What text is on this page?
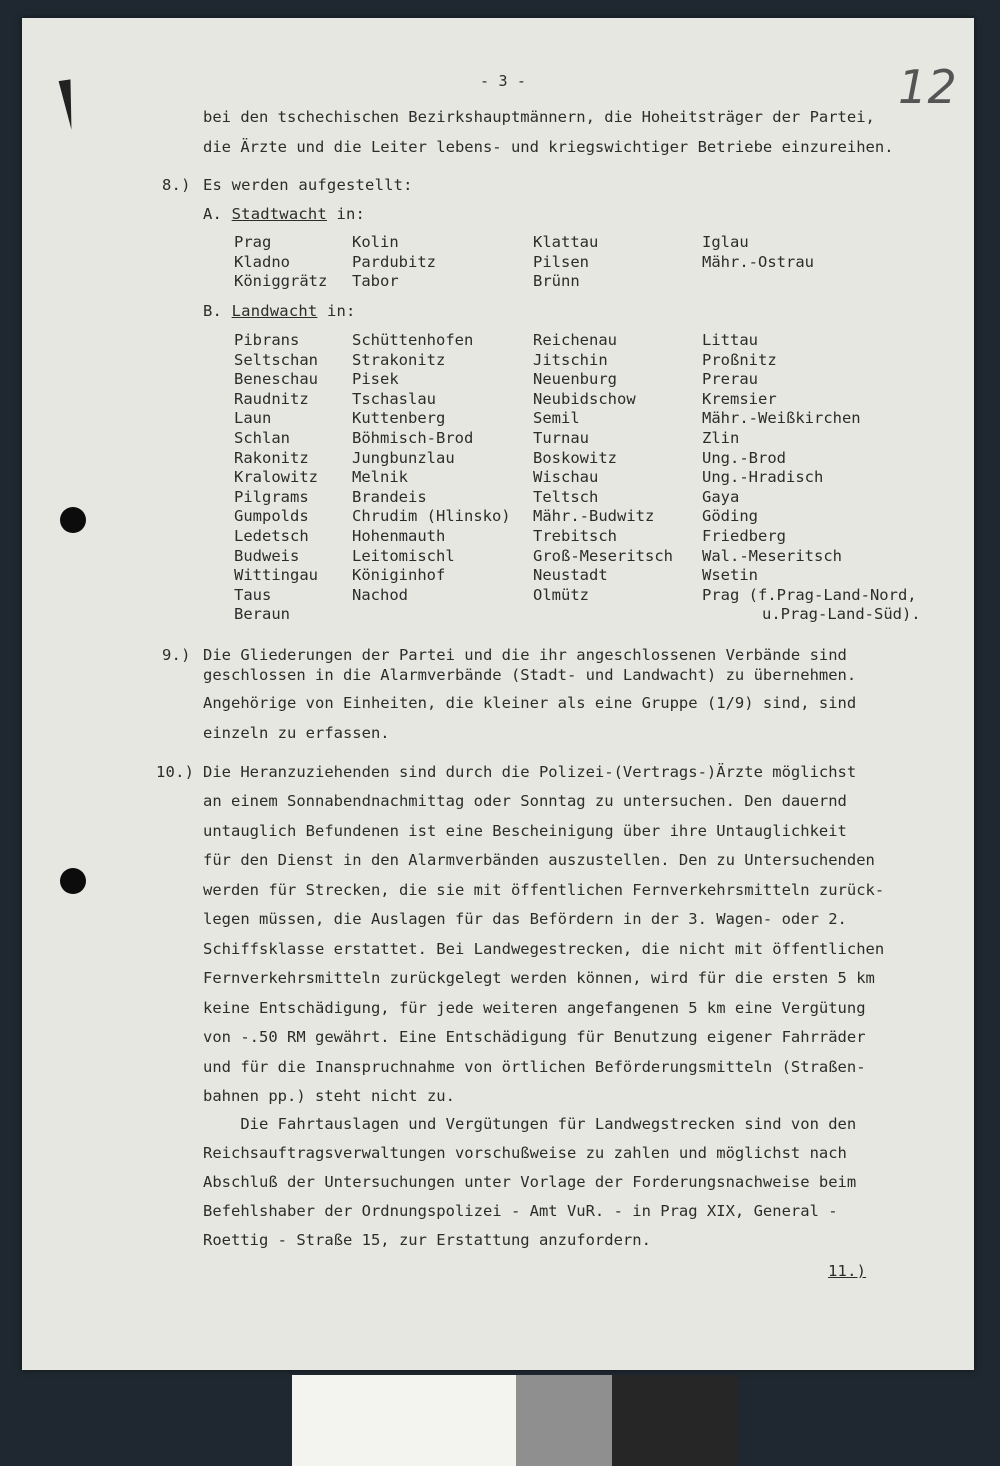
- 3 -	12
bei den tschechischen Bezirkshauptmännern, die Hoheitsträger der Partei,
die Ärzte und die Leiter lebens- und kriegswichtiger Betriebe einzureihen.
8.) Es werden aufgestellt:
A. Stadtwacht in:
Prag
Kladno
Königgrätz
Kolin
Pardubitz
Tabor
Klattau
Pilsen
Brünn
Iglau
Mähr.-Ostrau
B. Landwacht in:
Pibrans
Seltschan
Beneschau
Raudnitz
Laun
Schlan
Rakonitz
Kralowitz
Pilgrams
Gumpolds
Ledetsch
Budweis
Wittingau
Taus
Beraun
Schüttenhofen
Strakonitz
Pisek
Tschaslau
Kuttenberg
Böhmisch-Brod
Jungbunzlau
Melnik
Brandeis
Chrudim (Hlinsko)
Hohenmauth
Leitomischl
Königinhof
Nachod
Reichenau
Jitschin
Neuenburg
Neubidschow
Semil
Turnau
Boskowitz
Wischau
Teltsch
Mähr.-Budwitz
Trebitsch
Groß-Meseritsch
Neustadt
Olmütz
Littau
Proßnitz
Prerau
Kremsier
Mähr.-Weißkirchen
Zlin
Ung.-Brod
Ung.-Hradisch
Gaya
Göding
Friedberg
Wal.-Meseritsch
Wsetin
Prag (f.Prag-Land-Nord,
u.Prag-Land-Süd).
9.) Die Gliederungen der Partei und die ihr angeschlossenen Verbände sind
geschlossen in die Alarmverbände (Stadt- und Landwacht) zu übernehmen.
Angehörige von Einheiten, die kleiner als eine Gruppe (1/9) sind, sind
einzeln zu erfassen.
10.) Die Heranzuziehenden sind durch die Polizei-(Vertrags-)Ärzte möglichst
an einem Sonnabendnachmittag oder Sonntag zu untersuchen. Den dauernd
untauglich Befundenen ist eine Bescheinigung über ihre Untauglichkeit
für den Dienst in den Alarmverbänden auszustellen. Den zu Untersuchenden
werden für Strecken, die sie mit öffentlichen Fernverkehrsmitteln zurück-
legen müssen, die Auslagen für das Befördern in der 3. Wagen- oder 2.
Schiffsklasse erstattet. Bei Landwegestrecken, die nicht mit öffentlichen
Fernverkehrsmitteln zurückgelegt werden können, wird für die ersten 5 km
keine Entschädigung, für jede weiteren angefangenen 5 km eine Vergütung
von -.50 RM gewährt. Eine Entschädigung für Benutzung eigener Fahrräder
und für die Inanspruchnahme von örtlichen Beförderungsmitteln (Straßen-
bahnen pp.) steht nicht zu.
Die Fahrtauslagen und Vergütungen für Landwegstrecken sind von den
Reichsauftragsverwaltungen vorschußweise zu zahlen und möglichst nach
Abschluß der Untersuchungen unter Vorlage der Forderungsnachweise beim
Befehlshaber der Ordnungspolizei - Amt VuR. - in Prag XIX, General -
Roettig - Straße 15, zur Erstattung anzufordern.
11.)
